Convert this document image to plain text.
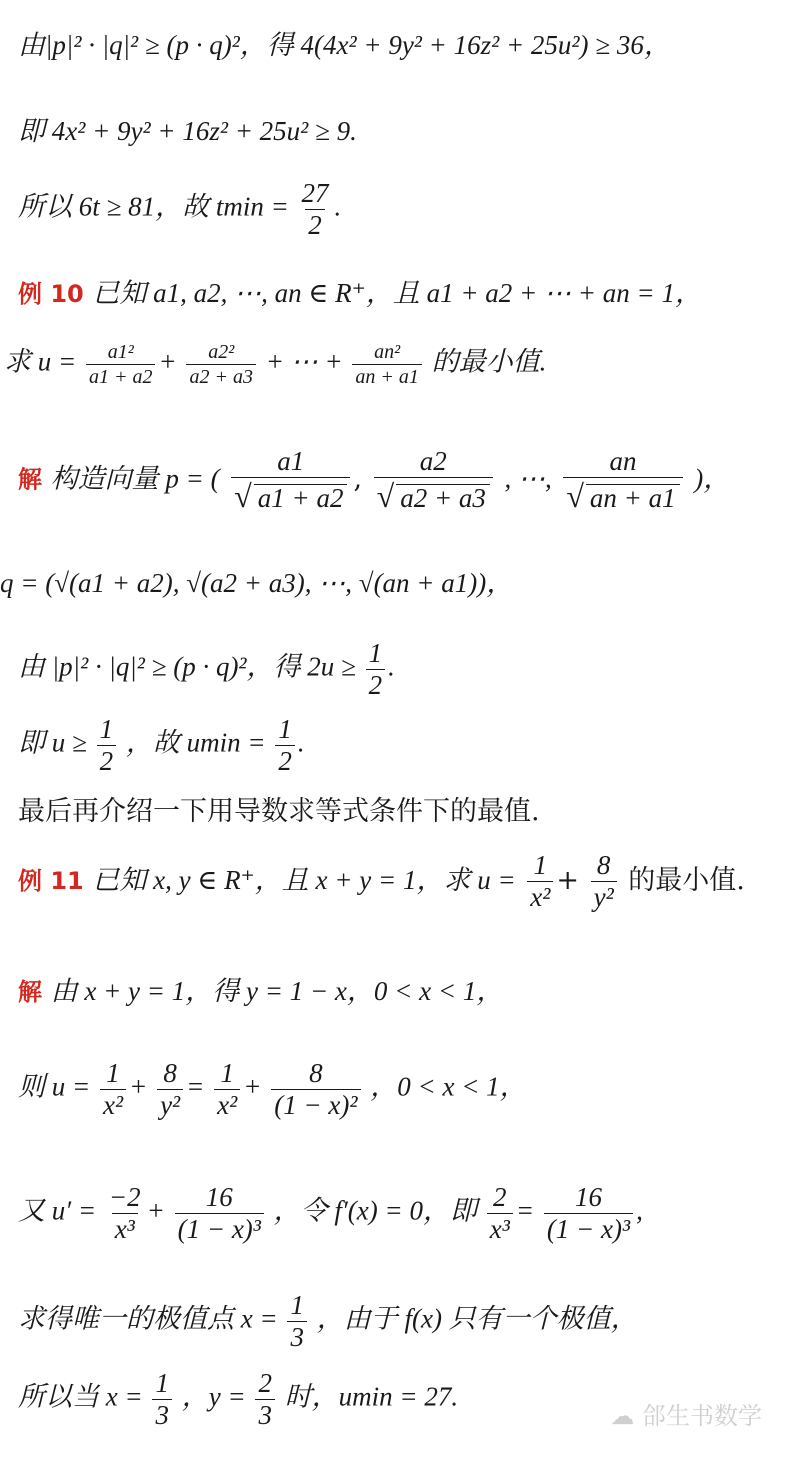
由|p|² · |q|² ≥ (p · q)²，得 4(4x² + 9y² + 16z² + 25u²) ≥ 36，
即 4x² + 9y² + 16z² + 25u² ≥ 9.
所以 6t ≥ 81，故 $tmin = \frac{27}{2}$ .
例 10 已知 a1, a2, ⋯, an ∈ R⁺，且 a1 + a2 + ⋯ + an = 1，
求 $u = \frac{\text{a1²}}{a1 + a2} + \frac{\text{a2²}}{a2 + a3}$ + ⋯ + $\frac{\text{an²}}{an + a1}$ 的最小值.
解 构造向量 p = ( $\frac{a1}{√ a1 + a2}$ , $\frac{a2}{√ a2 + a3}$ , ⋯, $\frac{an}{√ an + a1}$ )，
q = (√(a1 + a2), √(a2 + a3), ⋯, √(an + a1))，
由 |p|² · |q|² ≥ (p · q)²，得 $2u \ge \frac{1}{2}$ .
即 $u \ge \frac{1}{2}$ ，故 $umin = \frac{1}{2}$ .
最后再介绍一下用导数求等式条件下的最值.
例 11 已知 x, y ∈ R⁺，且 x + y = 1，求 $u = \frac{1}{\text{x²}} + \frac{8}{\text{y²}}$ 的最小值.
解 由 x + y = 1，得 y = 1 − x，0 < x < 1，
则 $u = \frac{1}{\text{x²}} + \frac{8}{\text{y²}} = \frac{1}{\text{x²}} + \frac{8}{\text{(1 − x)²}}$ ，0 < x < 1，
又 $u' = \frac{-2}{\text{x³}} + \frac{16}{\text{(1 − x)³}}$ ，令 f′(x) = 0，即 $\frac{2}{\text{x³}} = \frac{16}{\text{(1 − x)³}}$ ,
求得唯一的极值点 $x = \frac{1}{3}$ ，由于 f(x) 只有一个极值，
所以当 $x = \frac{1}{3}$ ，$y = \frac{2}{3}$ 时，umin = 27.
☁ 郃生书数学
